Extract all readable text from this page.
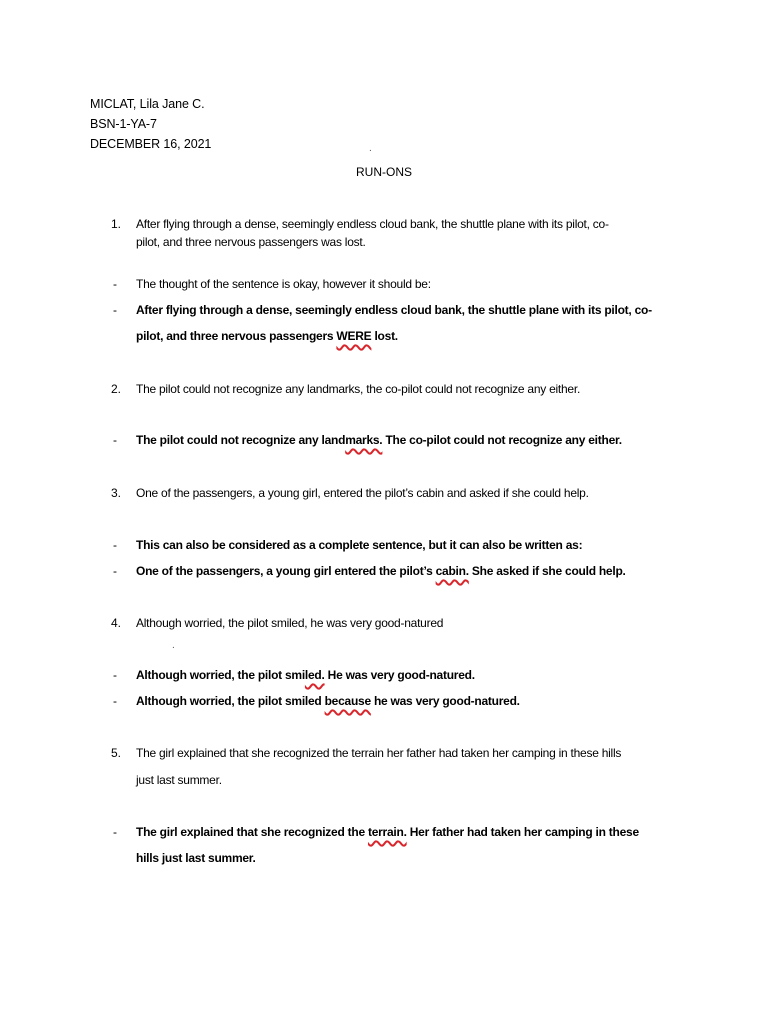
MICLAT, Lila Jane C.
BSN-1-YA-7
DECEMBER 16, 2021	.
RUN-ONS
1. After flying through a dense, seemingly endless cloud bank, the shuttle plane with its pilot, co-
pilot, and three nervous passengers was lost.
- The thought of the sentence is okay, however it should be:
- After flying through a dense, seemingly endless cloud bank, the shuttle plane with its pilot, co-
pilot, and three nervous passengers WERE lost.
2. The pilot could not recognize any landmarks, the co-pilot could not recognize any either.
- The pilot could not recognize any landmarks. The co-pilot could not recognize any either.
3. One of the passengers, a young girl, entered the pilot’s cabin and asked if she could help.
- This can also be considered as a complete sentence, but it can also be written as:
- One of the passengers, a young girl entered the pilot’s cabin. She asked if she could help.
4. Although worried, the pilot smiled, he was very good-natured
.
- Although worried, the pilot smiled. He was very good-natured.
- Although worried, the pilot smiled because he was very good-natured.
5. The girl explained that she recognized the terrain her father had taken her camping in these hills
just last summer.
- The girl explained that she recognized the terrain. Her father had taken her camping in these
hills just last summer.
